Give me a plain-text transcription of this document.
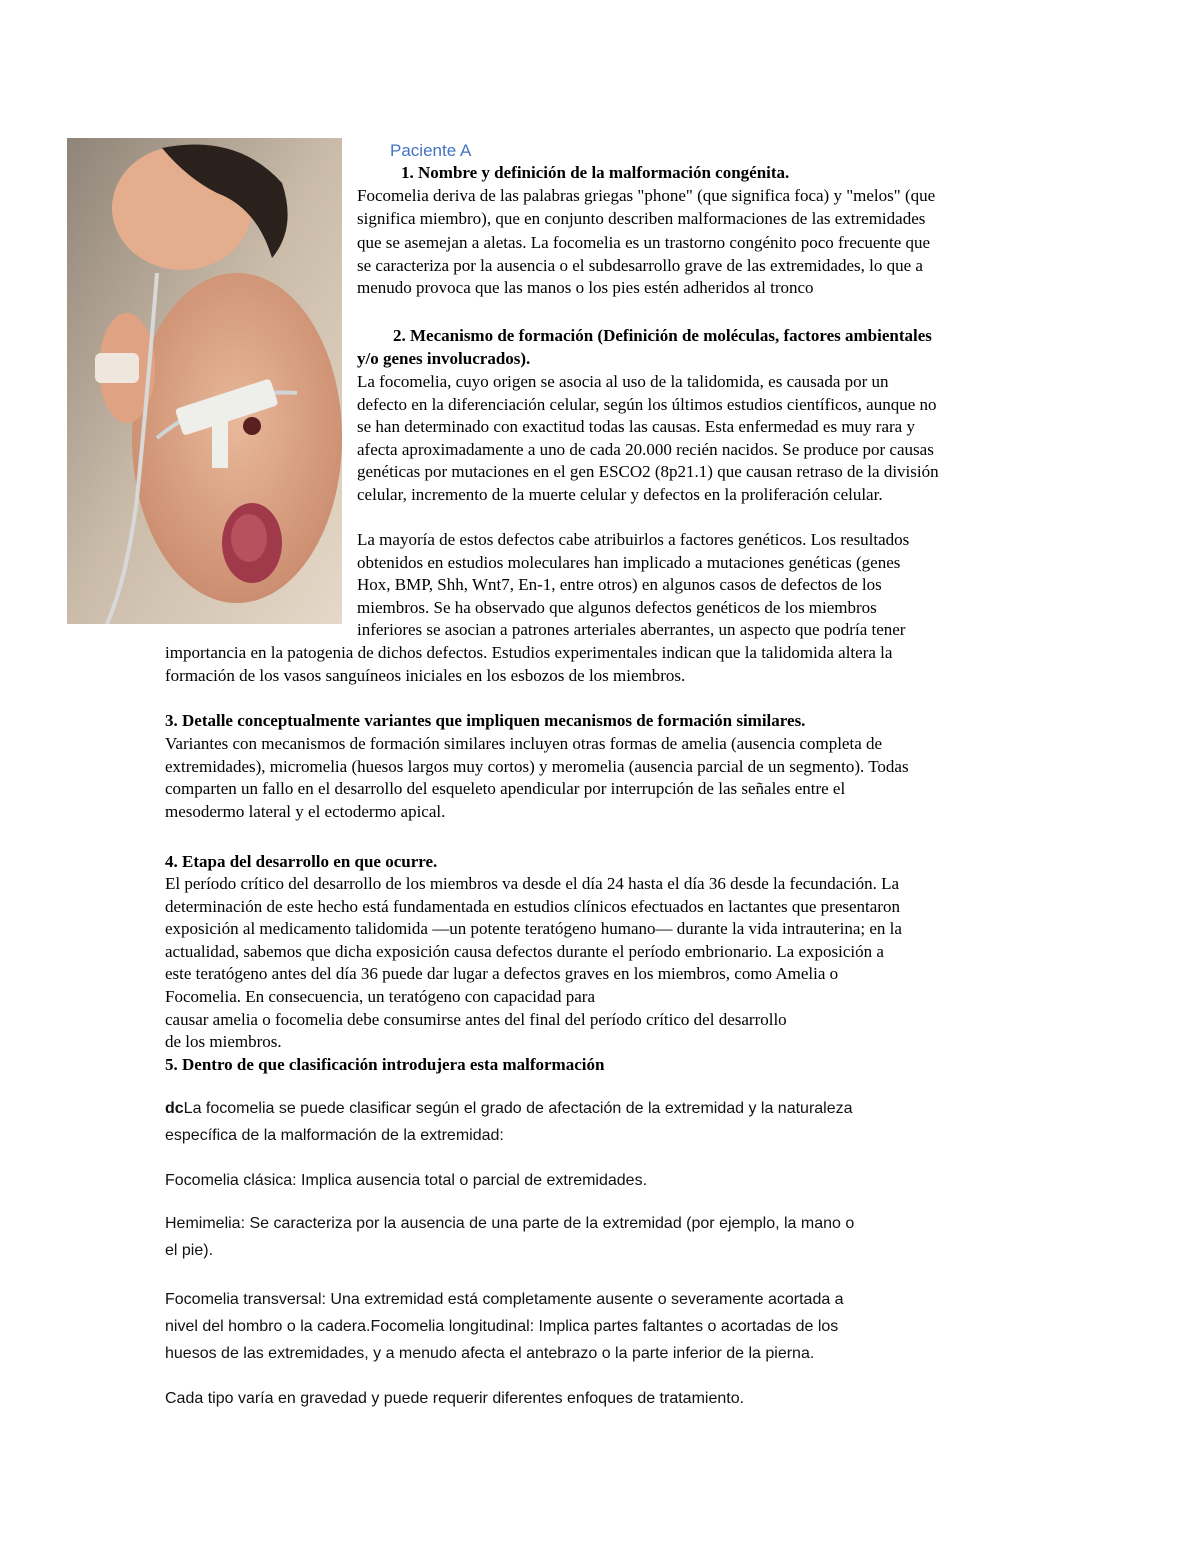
Paciente A

1. Nombre y definición de la malformación congénita.

Focomelia deriva de las palabras griegas "phone" (que significa foca) y "melos" (que
significa miembro), que en conjunto describen malformaciones de las extremidades
que se asemejan a aletas. La focomelia es un trastorno congénito poco frecuente que
se caracteriza por la ausencia o el subdesarrollo grave de las extremidades, lo que a
menudo provoca que las manos o los pies estén adheridos al tronco

2. Mecanismo de formación (Definición de moléculas, factores ambientales

y/o genes involucrados).

La focomelia, cuyo origen se asocia al uso de la talidomida, es causada por un
defecto en la diferenciación celular, según los últimos estudios científicos, aunque no
se han determinado con exactitud todas las causas. Esta enfermedad es muy rara y
afecta aproximadamente a uno de cada 20.000 recién nacidos. Se produce por causas
genéticas por mutaciones en el gen ESCO2 (8p21.1) que causan retraso de la división
celular, incremento de la muerte celular y defectos en la proliferación celular.
La mayoría de estos defectos cabe atribuirlos a factores genéticos. Los resultados
obtenidos en estudios moleculares han implicado a mutaciones genéticas (genes
Hox, BMP, Shh, Wnt7, En-1, entre otros) en algunos casos de defectos de los
miembros. Se ha observado que algunos defectos genéticos de los miembros
inferiores se asocian a patrones arteriales aberrantes, un aspecto que podría tener
importancia en la patogenia de dichos defectos. Estudios experimentales indican que la talidomida altera la
formación de los vasos sanguíneos iniciales en los esbozos de los miembros.

3. Detalle conceptualmente variantes que impliquen mecanismos de formación similares.

Variantes con mecanismos de formación similares incluyen otras formas de amelia (ausencia completa de
extremidades), micromelia (huesos largos muy cortos) y meromelia (ausencia parcial de un segmento). Todas
comparten un fallo en el desarrollo del esqueleto apendicular por interrupción de las señales entre el
mesodermo lateral y el ectodermo apical.

4. Etapa del desarrollo en que ocurre.

El período crítico del desarrollo de los miembros va desde el día 24 hasta el día 36 desde la fecundación. La
determinación de este hecho está fundamentada en estudios clínicos efectuados en lactantes que presentaron
exposición al medicamento talidomida —un potente teratógeno humano— durante la vida intrauterina; en la
actualidad, sabemos que dicha exposición causa defectos durante el período embrionario. La exposición a
este teratógeno antes del día 36 puede dar lugar a defectos graves en los miembros, como Amelia o
Focomelia. En consecuencia, un teratógeno con capacidad para
causar amelia o focomelia debe consumirse antes del final del período crítico del desarrollo
de los miembros.

5. Dentro de que clasificación introdujera esta malformación

dcLa focomelia se puede clasificar según el grado de afectación de la extremidad y la naturaleza
específica de la malformación de la extremidad:

Focomelia clásica: Implica ausencia total o parcial de extremidades.

Hemimelia: Se caracteriza por la ausencia de una parte de la extremidad (por ejemplo, la mano o
el pie).
Focomelia transversal: Una extremidad está completamente ausente o severamente acortada a
nivel del hombro o la cadera.Focomelia longitudinal: Implica partes faltantes o acortadas de los
huesos de las extremidades, y a menudo afecta el antebrazo o la parte inferior de la pierna.

Cada tipo varía en gravedad y puede requerir diferentes enfoques de tratamiento.
